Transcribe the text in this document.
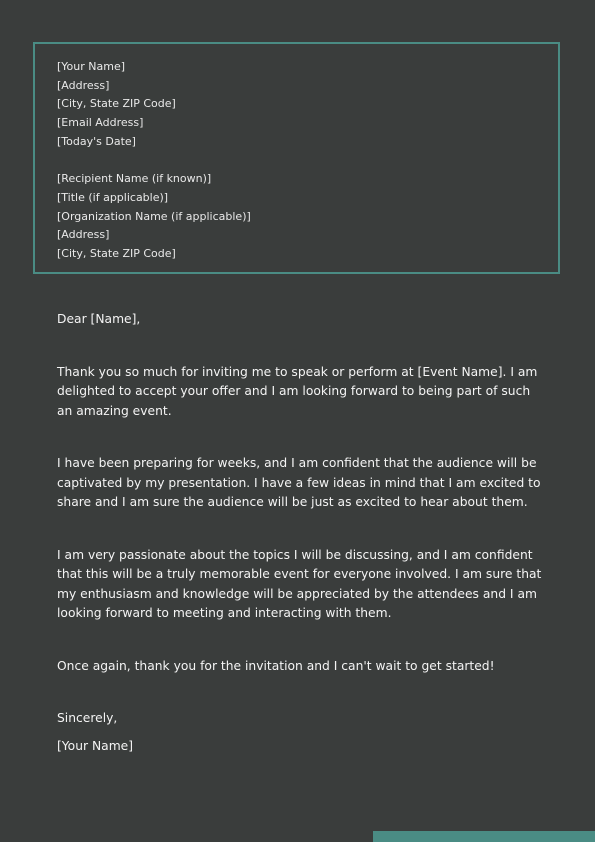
[Your Name]
[Address]
[City, State ZIP Code]
[Email Address]
[Today's Date]
[Recipient Name (if known)]
[Title (if applicable)]
[Organization Name (if applicable)]
[Address]
[City, State ZIP Code]

Dear [Name],

Thank you so much for inviting me to speak or perform at [Event Name]. I am delighted to accept your offer and I am looking forward to being part of such an amazing event.

I have been preparing for weeks, and I am confident that the audience will be captivated by my presentation. I have a few ideas in mind that I am excited to share and I am sure the audience will be just as excited to hear about them.

I am very passionate about the topics I will be discussing, and I am confident that this will be a truly memorable event for everyone involved. I am sure that my enthusiasm and knowledge will be appreciated by the attendees and I am looking forward to meeting and interacting with them.

Once again, thank you for the invitation and I can't wait to get started!

Sincerely,

[Your Name]
